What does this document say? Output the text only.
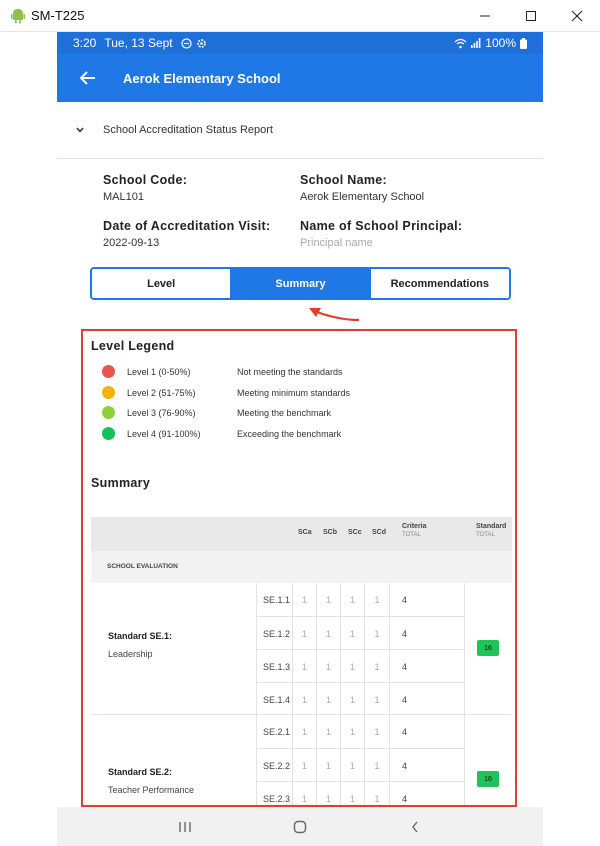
SM-T225
3:20 Tue, 13 Sept	100%
Aerok Elementary School
School Accreditation Status Report
School Code:
MAL101
School Name:
Aerok Elementary School
Date of Accreditation Visit:
2022-09-13
Name of School Principal:
Principal name
Level	Summary	Recommendations
Level Legend
Level 1 (0-50%)	Not meeting the standards
Level 2 (51-75%)	Meeting minimum standards
Level 3 (76-90%)	Meeting the benchmark
Level 4 (91-100%)	Exceeding the benchmark
Summary
SCa SCb SCc SCd
Criteria
TOTAL
Standard
TOTAL
SCHOOL EVALUATION
Standard SE.1:
Leadership
SE.1.1	1	1	1	1	4
SE.1.2	1	1	1	1	4
SE.1.3	1	1	1	1	4
SE.1.4	1	1	1	1	4
16
Standard SE.2:
Teacher Performance
SE.2.1	1	1	1	1	4
SE.2.2	1	1	1	1	4
SE.2.3	1	1	1	1	4
16
